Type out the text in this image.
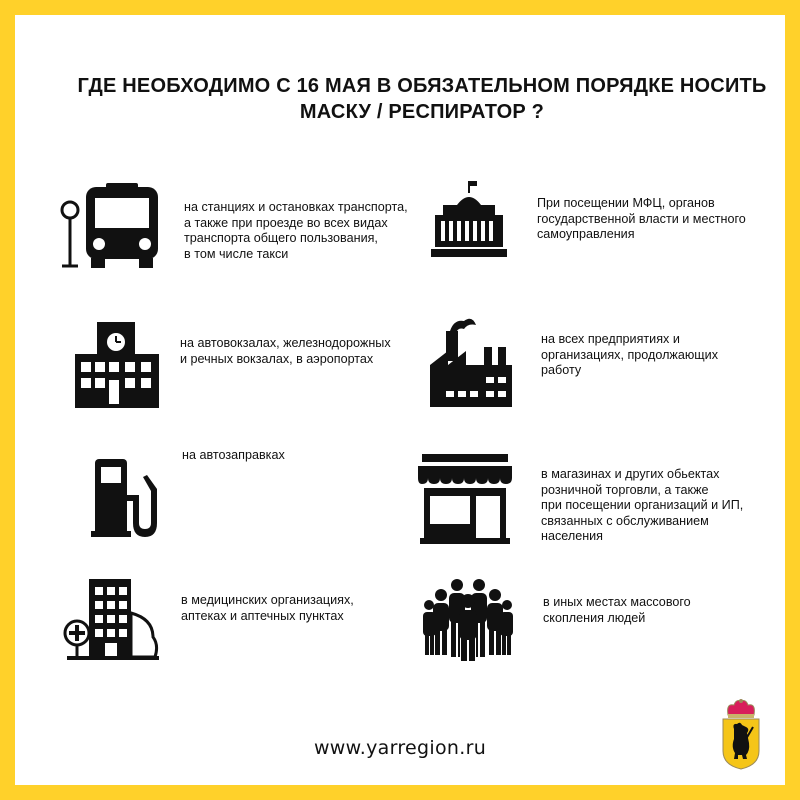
ГДЕ НЕОБХОДИМО С 16 МАЯ В ОБЯЗАТЕЛЬНОМ ПОРЯДКЕ НОСИТЬ
МАСКУ / РЕСПИРАТОР ?
на станциях и остановках транспорта,
а также при проезде во всех видах
транспорта общего пользования,
в том числе такси
При посещении МФЦ, органов
государственной власти и местного
самоуправления
на автовокзалах, железнодорожных
и речных вокзалах, в аэропортах
на всех предприятиях и
организациях, продолжающих
работу
на автозаправках
в магазинах и других обьектах
розничной торговли, а также
при посещении организаций и ИП,
связанных с обслуживанием
населения
в медицинских организациях,
аптеках и аптечных пунктах
в иных местах массового
скопления людей
www.yarregion.ru
